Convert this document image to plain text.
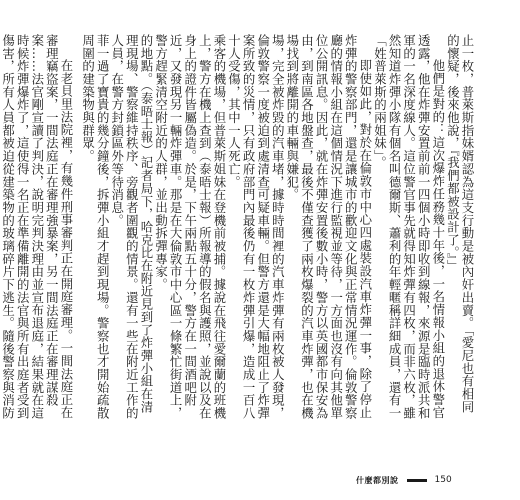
止一枚，普萊斯指妹婿認為這支行動是被內奸出賣。「愛尼也有相同的懷疑，後來他說，『我們都被設計了。』」

他們是對的：這次爆炸任務幾十年後，一名情報小組的退休警官透露，他在炸彈安置前前一四個小時即收到線報，來源是臨時派共和軍的一名深度線人。這位警官事先就得知炸彈有四枚，而非六枚，雖然知道炸彈小隊有個名叫德爾斯、蕭利的年輕暱稱詳細成員，還有一「姓普萊斯的兩姐妹」。

即使如此，對於在倫敦市中心四處裝設汽車炸彈一事，除了停止炸彈的警察部門，還是讓城市的歡迎文化與正常情況運作。倫敦警察廳的情報小組在這個情況下進行監視並等待，一方面也沒有向其他單位公開訊息。因此，就在炸彈安置後數小時，警方以英國都市保安為由，到南區各地盤查，最後不僅查獲了兩枚爆裂的汽車炸彈，也在機場找到將離開的車輛與嫌犯。

場，完全被炸毀的汽車堵，據時時間裡的汽車炸彈有兩枚被人發現，倫敦警察一度被迫到處清查可疑車輛。但警方還是大幅地阻止了炸彈案所致的災情，只有政府部門內最後仍有一枚炸彈引爆，造成一百八十人受傷，其中一人死亡。

乘客的機場，但普萊斯姐妹在登機前被捕。據說在飛往愛爾蘭的班機上，警方在機上查到（泰晤士報）所報導的假名與護照，並說以及在身上的證件皆屬偽造。於是，下午兩點五十分，警方在一間酒吧附近，又發現另一輛炸彈車。那是在大倫敦市中心區一條繁忙街道上，警方趕緊清空附近的人群，並出動拆彈專家。

的地點。（泰晤士報）記者局下，哈克比在附近見到了炸彈小組在清理現場、警察維持秩序、旁觀者圍觀的情景。還有一些在附近工作的人員，在警方封鎖區外等待消息。

菲一過了寶貴的幾分鐘後，拆彈小組才趕到現場。警察也才開始疏散周圍的建築物與群眾。

在老貝里法院裡，有幾件刑事審判正在開庭審理。一間法庭正在審理竊盜案，一間法庭正在審理強暴案，另一間法庭正在審理謀殺案……法官剛宣讀了判決，說明完判決理由並宣布退庭，結果就在這時候炸彈爆炸了，這使得一名正在準備離開的法官與所有出庭者受到傷害，所有人員都被迫從建築物的玻璃碎片下逃生。隨後警察與消防

什麼都別說	150
